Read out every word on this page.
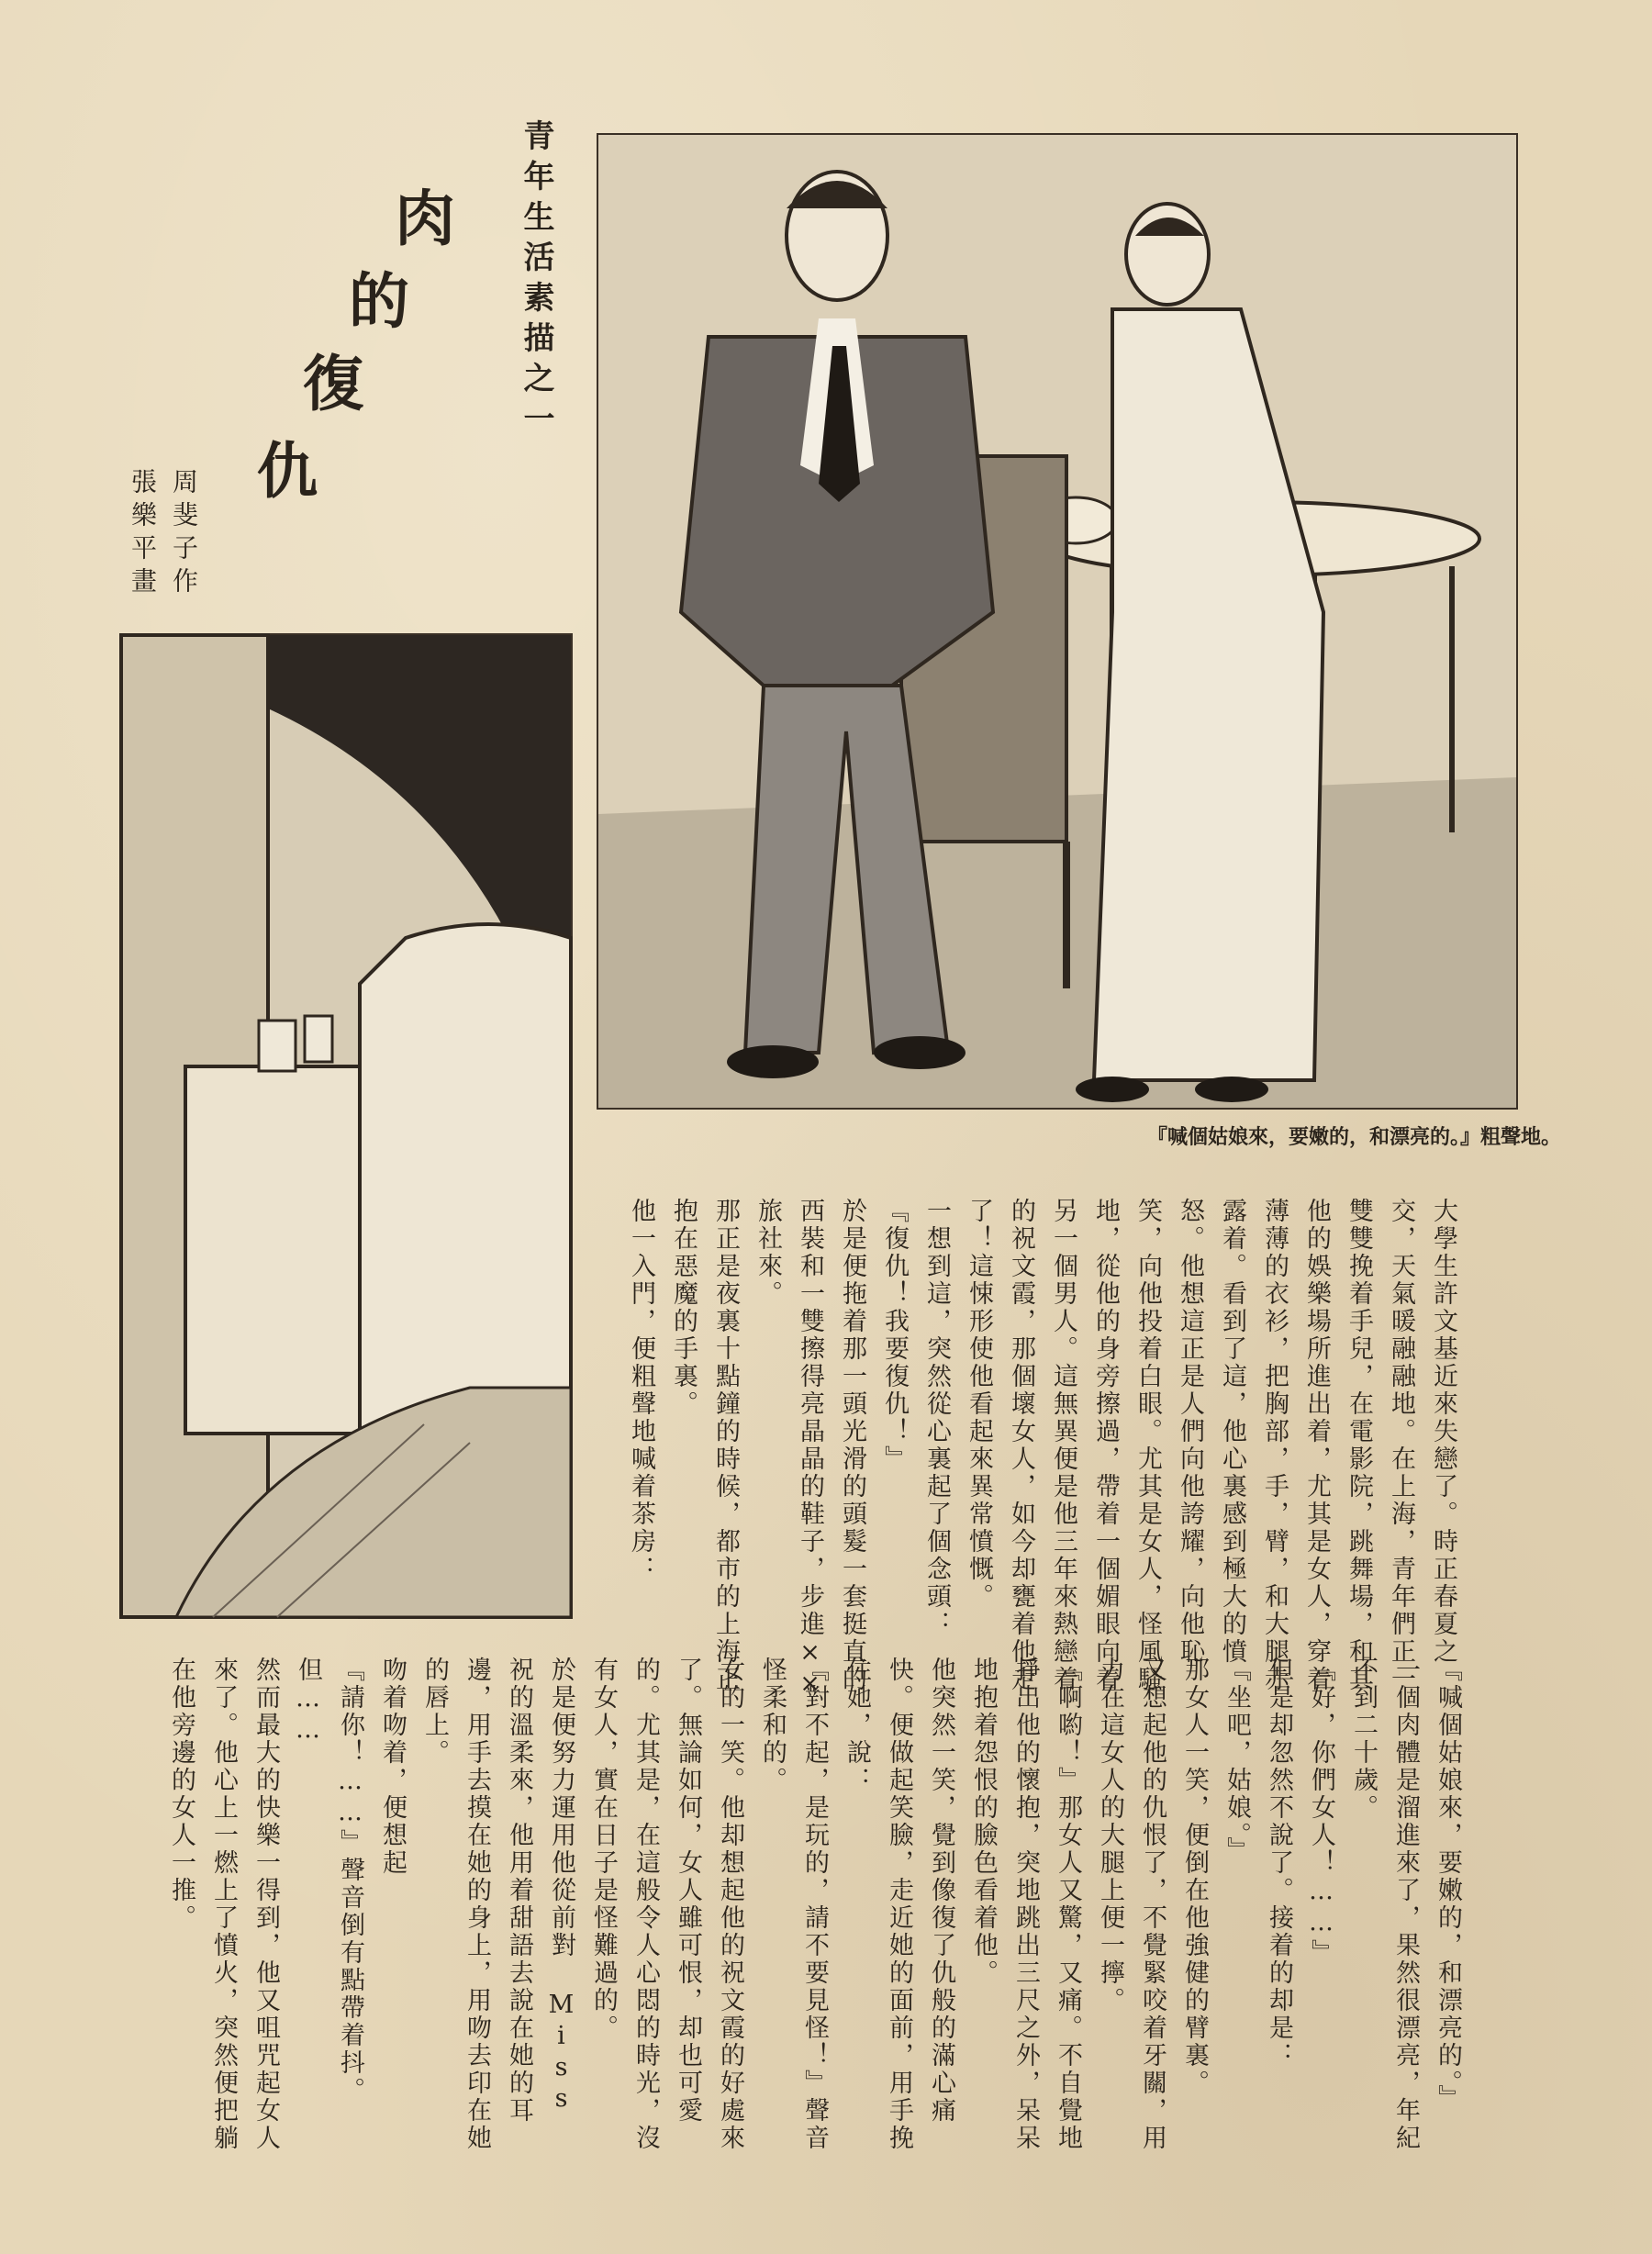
青年生活素描之一
肉
的
復
仇
周斐子作
張樂平畫
『喊個姑娘來，要嫩的，和漂亮的。』粗聲地。

大學生許文基近來失戀了。時正春夏之交，天氣暖融融地。在上海，青年們正一雙雙挽着手兒，在電影院，跳舞場，和其他的娛樂場所進出着，尤其是女人，穿着薄薄的衣衫，把胸部，手，臂，和大腿赤露着。看到了這，他心裏感到極大的憤怒。他想這正是人們向他誇耀，向他恥笑，向他投着白眼。尤其是女人，怪風騷地，從他的身旁擦過，帶着一個媚眼向着另一個男人。這無異便是他三年來熱戀着的祝文霞，那個壞女人，如今却甕着他走了！這悚形使他看起來異常憤慨。

一想到這，突然從心裏起了個念頭：

『復仇！我要復仇！』

於是便拖着那一頭光滑的頭髮一套挺直的西裝和一雙擦得亮晶晶的鞋子，步進××旅社來。

那正是夜裏十點鐘的時候，都市的上海正抱在惡魔的手裏。

他一入門，便粗聲地喊着茶房：

『喊個姑娘來，要嫩的，和漂亮的。』

一個肉體是溜進來了，果然很漂亮，年紀不到二十歲。

『好，你們女人！……』

但是却忽然不說了。接着的却是：

『坐吧，姑娘。』

那女人一笑，便倒在他強健的臂裏。

又想起他的仇恨了，不覺緊咬着牙關，用力在這女人的大腿上便一擰。

『啊喲！』那女人又驚，又痛。不自覺地掙出他的懷抱，突地跳出三尺之外，呆呆地抱着怨恨的臉色看着他。

他突然一笑，覺到像復了仇般的滿心痛快。便做起笑臉，走近她的面前，用手挽住她，說：

『對不起，是玩的，請不要見怪！』聲音怪柔和的。

女的一笑。他却想起他的祝文霞的好處來了。無論如何，女人雖可恨，却也可愛的。尤其是，在這般令人心悶的時光，沒有女人，實在日子是怪難過的。

於是便努力運用他從前對 Miss 祝的溫柔來，他用着甜語去說在她的耳邊，用手去摸在她的身上，用吻去印在她的唇上。

吻着吻着，便想起

『請你！……』聲音倒有點帶着抖。

但……

然而最大的快樂一得到，他又咀咒起女人來了。他心上一燃上了憤火，突然便把躺在他旁邊的女人一推。
